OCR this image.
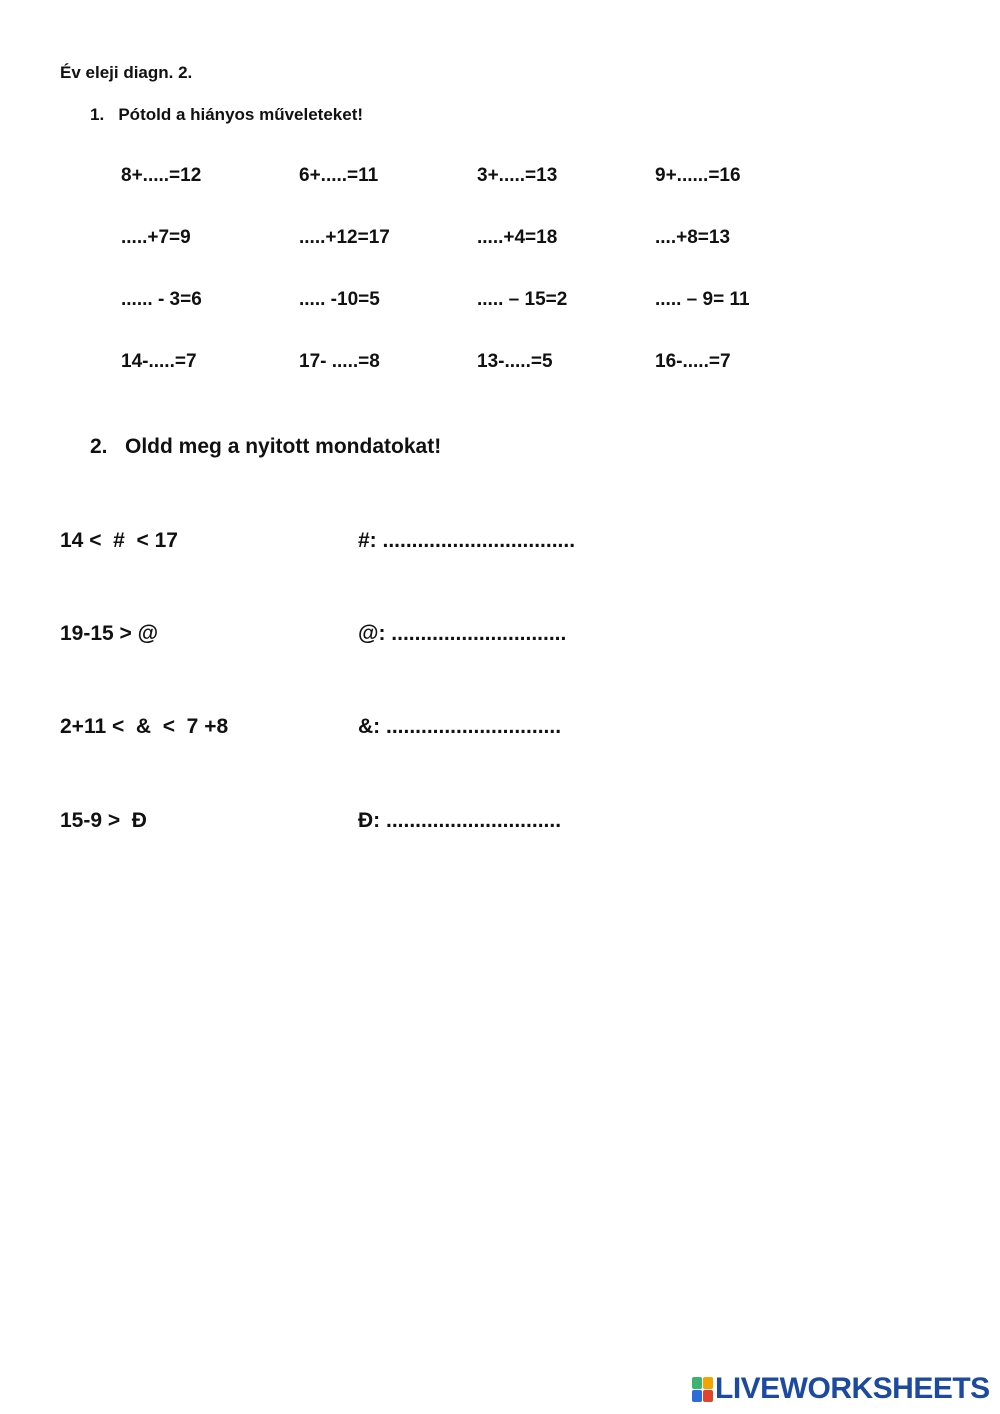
Év eleji diagn. 2.
1.   Pótold a hiányos műveleteket!
8+.....=12	6+.....=11	3+.....=13	9+......=16
.....+7=9	.....+12=17	.....+4=18	....+8=13
...... - 3=6	..... -10=5	..... – 15=2	..... – 9= 11
14-.....=7	17- .....=8	13-.....=5	16-.....=7
2.   Oldd meg a nyitott mondatokat!
14 <  #  < 17	#: .................................
19-15 > @	@: ..............................
2+11 <  &  <  7 +8	&: ..............................
15-9 >  Đ	Đ: ..............................
LIVEWORKSHEETS
